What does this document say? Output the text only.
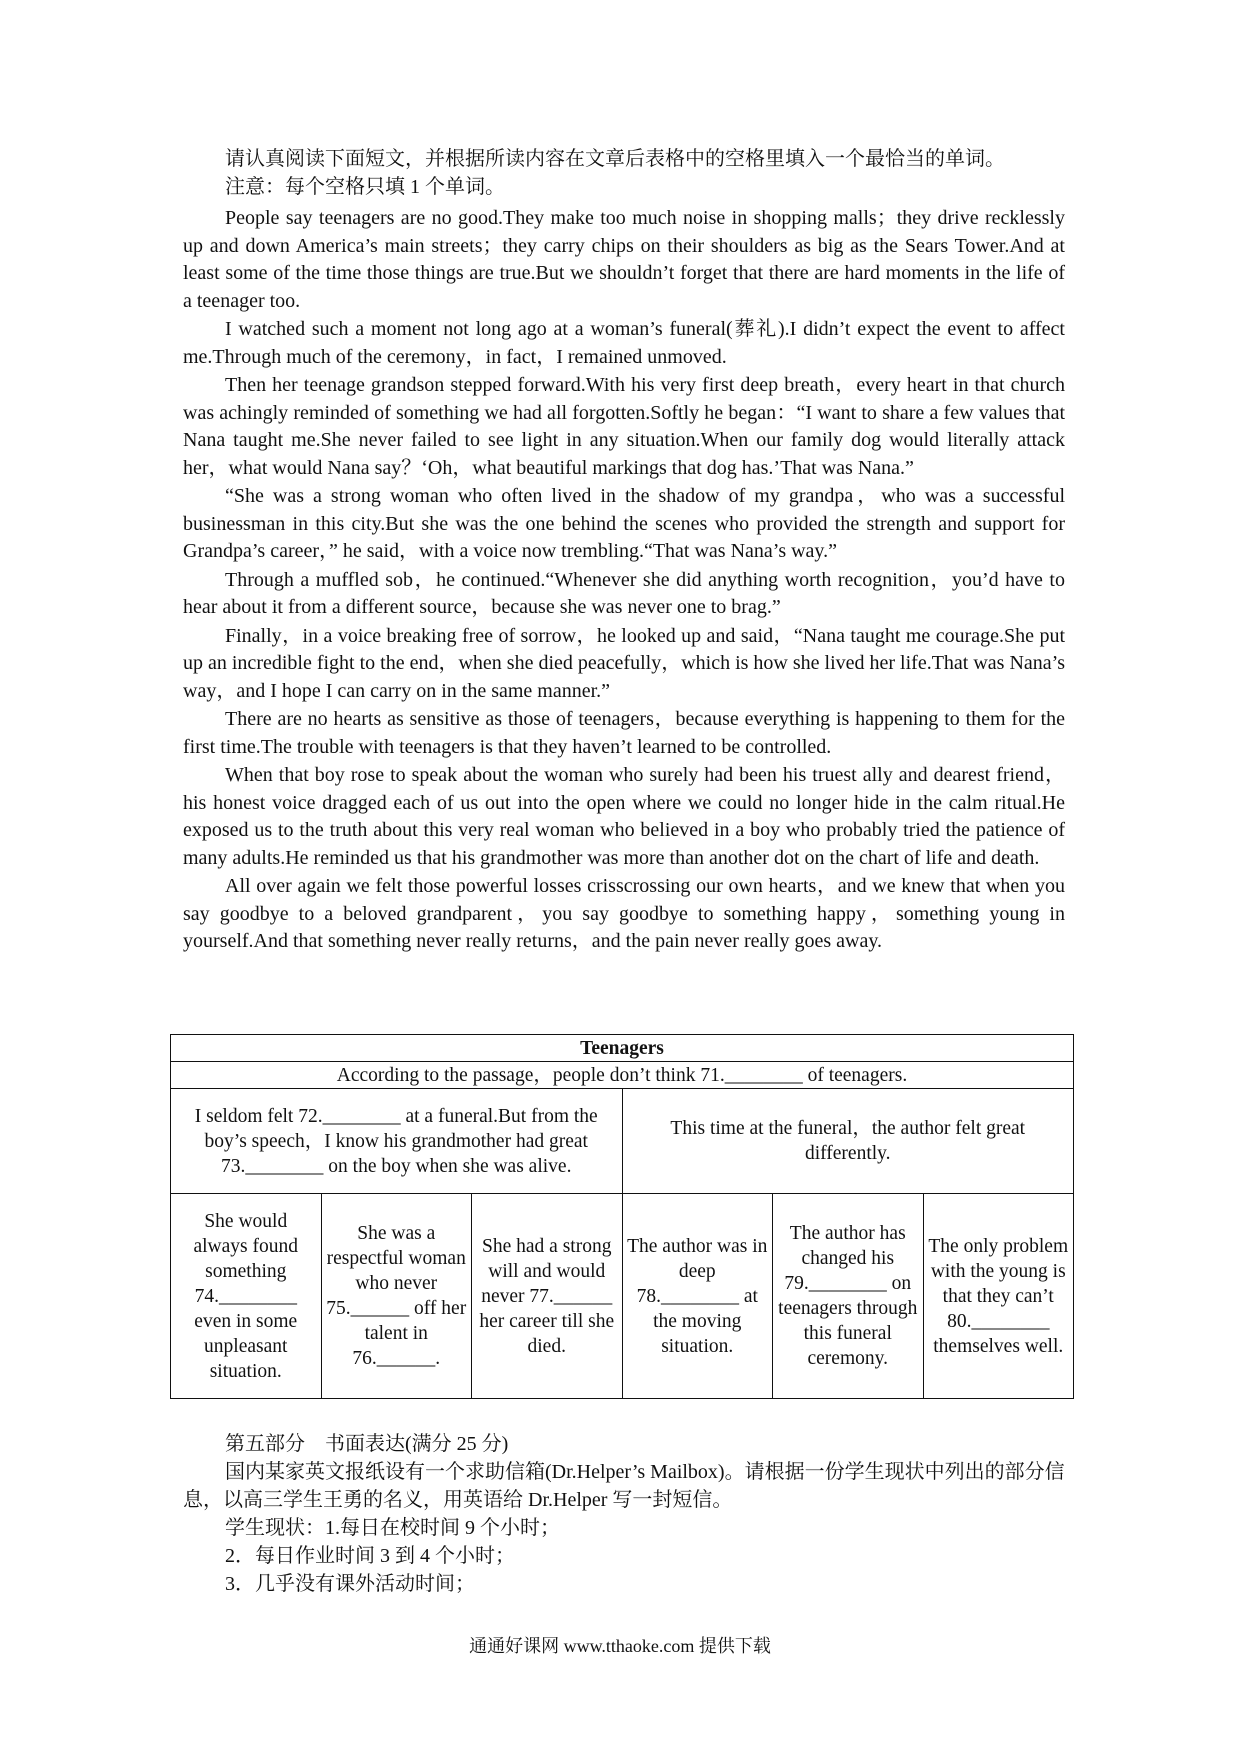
请认真阅读下面短文，并根据所读内容在文章后表格中的空格里填入一个最恰当的单词。

注意：每个空格只填 1 个单词。

People say teenagers are no good.They make too much noise in shopping malls；they drive recklessly up and down America’s main streets；they carry chips on their shoulders as big as the Sears Tower.And at least some of the time those things are true.But we shouldn’t forget that there are hard moments in the life of a teenager too.

I watched such a moment not long ago at a woman’s funeral(葬礼).I didn’t expect the event to affect me.Through much of the ceremony，in fact，I remained unmoved.

Then her teenage grandson stepped forward.With his very first deep breath，every heart in that church was achingly reminded of something we had all forgotten.Softly he began：“I want to share a few values that Nana taught me.She never failed to see light in any situation.When our family dog would literally attack her，what would Nana say？‘Oh，what beautiful markings that dog has.’That was Nana.”

“She was a strong woman who often lived in the shadow of my grandpa，who was a successful businessman in this city.But she was the one behind the scenes who provided the strength and support for Grandpa’s career，” he said，with a voice now trembling.“That was Nana’s way.”

Through a muffled sob，he continued.“Whenever she did anything worth recognition，you’d have to hear about it from a different source，because she was never one to brag.”

Finally，in a voice breaking free of sorrow，he looked up and said，“Nana taught me courage.She put up an incredible fight to the end，when she died peacefully，which is how she lived her life.That was Nana’s way，and I hope I can carry on in the same manner.”

There are no hearts as sensitive as those of teenagers，because everything is happening to them for the first time.The trouble with teenagers is that they haven’t learned to be controlled.

When that boy rose to speak about the woman who surely had been his truest ally and dearest friend，his honest voice dragged each of us out into the open where we could no longer hide in the calm ritual.He exposed us to the truth about this very real woman who believed in a boy who probably tried the patience of many adults.He reminded us that his grandmother was more than another dot on the chart of life and death.

All over again we felt those powerful losses crisscrossing our own hearts，and we knew that when you say goodbye to a beloved grandparent，you say goodbye to something happy，something young in yourself.And that something never really returns，and the pain never really goes away.

Teenagers					
According to the passage，people don’t think 71.________ of teenagers.					
I seldom felt 72.________ at a funeral.But from the boy’s speech，I know his grandmother had great 73.________ on the boy when she was alive.			This time at the funeral，the author felt great differently.		
She would always found something 74.________ even in some unpleasant situation.	She was a respectful woman who never 75.______ off her talent in 76.______.	She had a strong will and would never 77.______ her career till she died.	The author was in deep 78.________ at the moving situation.	The author has changed his 79.________ on teenagers through this funeral ceremony.	The only problem with the young is that they can’t 80.________ themselves well.

第五部分　书面表达(满分 25 分)

国内某家英文报纸设有一个求助信箱(Dr.Helper’s Mailbox)。请根据一份学生现状中列出的部分信息，以高三学生王勇的名义，用英语给 Dr.Helper 写一封短信。

学生现状：1.每日在校时间 9 个小时；

2．每日作业时间 3 到 4 个小时；

3．几乎没有课外活动时间；

通通好课网 www.tthaoke.com 提供下载
